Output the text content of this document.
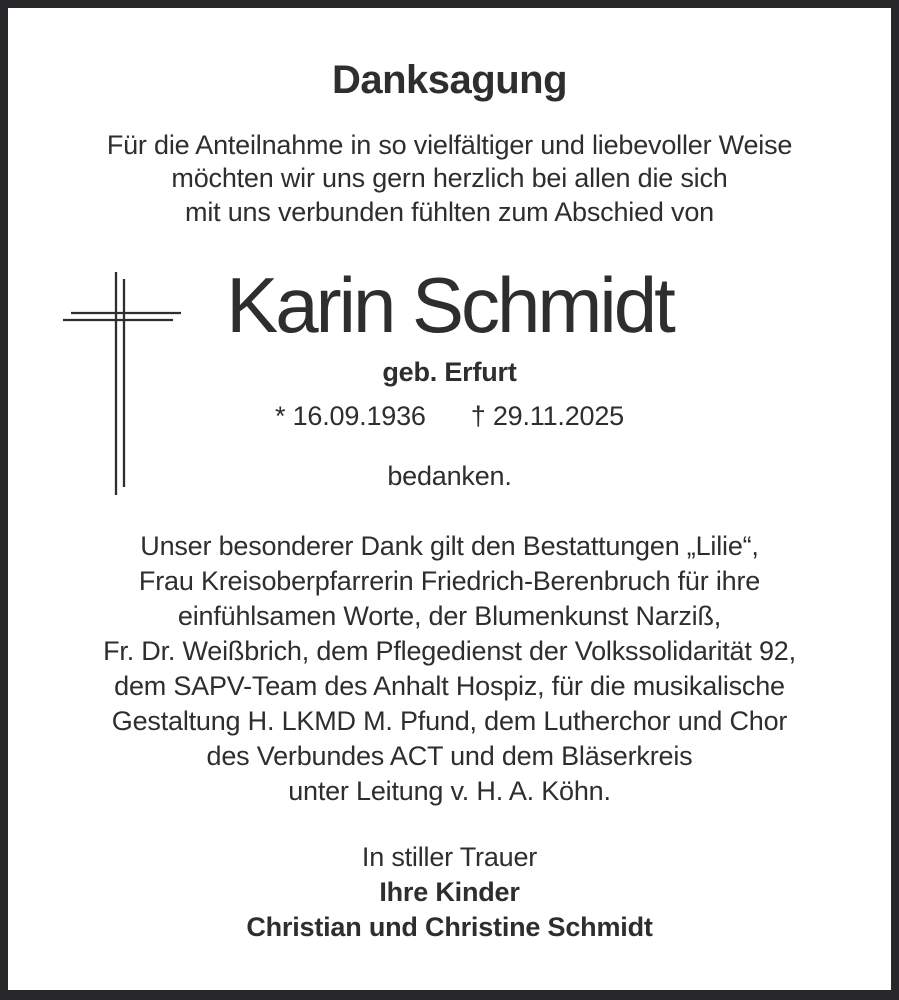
Danksagung
Für die Anteilnahme in so vielfältiger und liebevoller Weise
möchten wir uns gern herzlich bei allen die sich
mit uns verbunden fühlten zum Abschied von
Karin Schmidt
geb. Erfurt
* 16.09.1936 † 29.11.2025
bedanken.
Unser besonderer Dank gilt den Bestattungen „Lilie“,
Frau Kreisoberpfarrerin Friedrich-Berenbruch für ihre
einfühlsamen Worte, der Blumenkunst Narziß,
Fr. Dr. Weißbrich, dem Pflegedienst der Volkssolidarität 92,
dem SAPV-Team des Anhalt Hospiz, für die musikalische
Gestaltung H. LKMD M. Pfund, dem Lutherchor und Chor
des Verbundes ACT und dem Bläserkreis
unter Leitung v. H. A. Köhn.
In stiller Trauer
Ihre Kinder
Christian und Christine Schmidt
